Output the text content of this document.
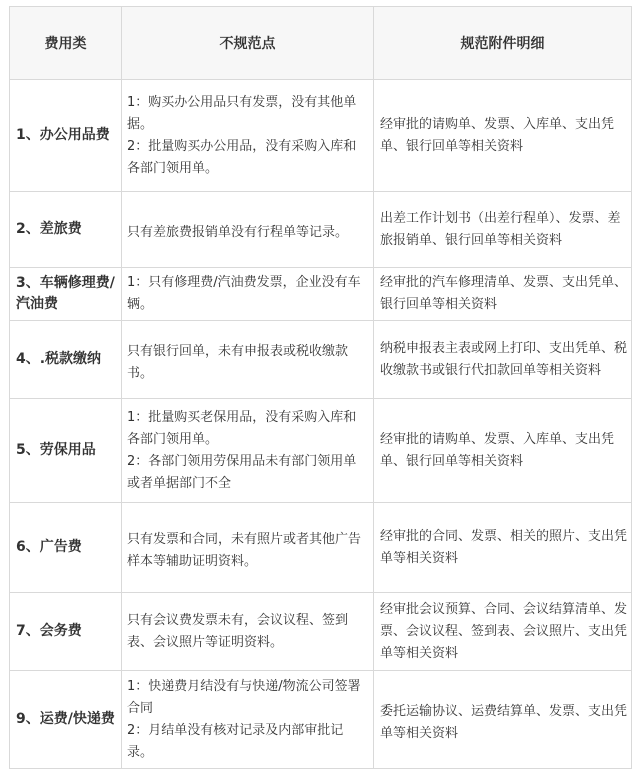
费用类	不规范点	规范附件明细
1、办公用品费	1：购买办公用品只有发票，没有其他单据。
2：批量购买办公用品，没有采购入库和各部门领用单。	经审批的请购单、发票、入库单、支出凭单、银行回单等相关资料
2、差旅费	只有差旅费报销单没有行程单等记录。	出差工作计划书（出差行程单）、发票、差旅报销单、银行回单等相关资料
3、车辆修理费/汽油费	1：只有修理费/汽油费发票，企业没有车辆。	经审批的汽车修理清单、发票、支出凭单、银行回单等相关资料
4、.税款缴纳	只有银行回单，未有申报表或税收缴款书。	纳税申报表主表或网上打印、支出凭单、税收缴款书或银行代扣款回单等相关资料
5、劳保用品	1：批量购买老保用品，没有采购入库和各部门领用单。
2：各部门领用劳保用品未有部门领用单或者单据部门不全	经审批的请购单、发票、入库单、支出凭单、银行回单等相关资料
6、广告费	只有发票和合同，未有照片或者其他广告样本等辅助证明资料。	经审批的合同、发票、相关的照片、支出凭单等相关资料
7、会务费	只有会议费发票未有，会议议程、签到表、会议照片等证明资料。	经审批会议预算、合同、会议结算清单、发票、会议议程、签到表、会议照片、支出凭单等相关资料
9、运费/快递费	1：快递费月结没有与快递/物流公司签署合同
2：月结单没有核对记录及内部审批记录。	委托运输协议、运费结算单、发票、支出凭单等相关资料
